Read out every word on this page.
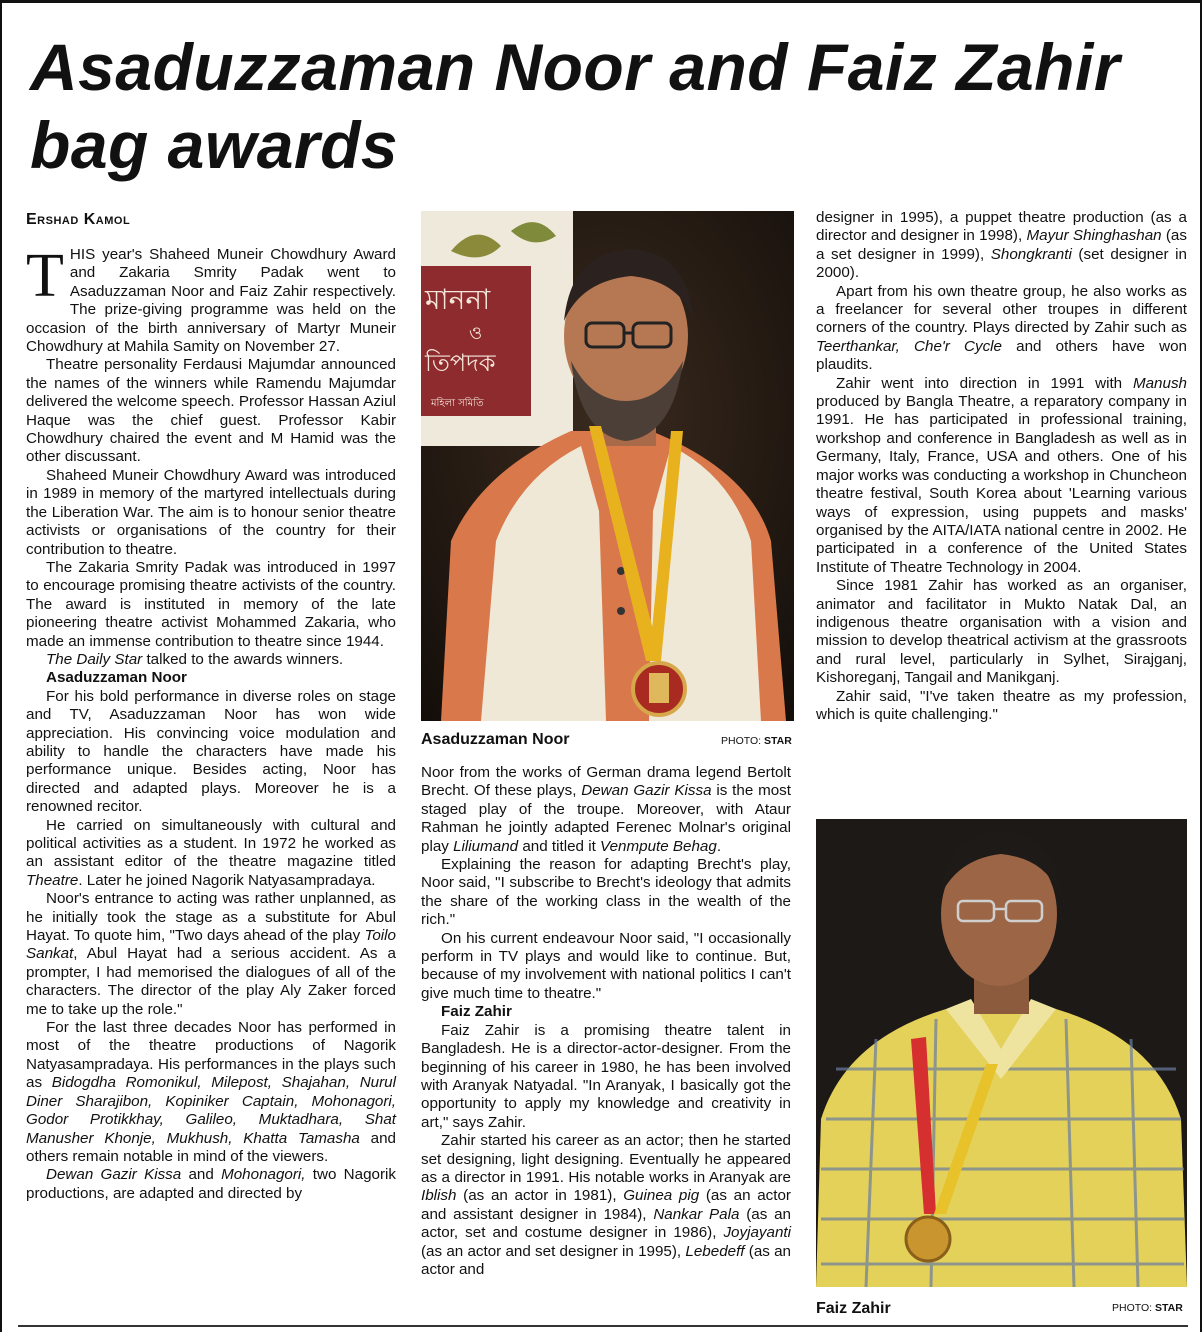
Asaduzzaman Noor and Faiz Zahir bag awards
Ershad Kamol

THIS year's Shaheed Muneir Chowdhury Award and Zakaria Smrity Padak went to Asaduzzaman Noor and Faiz Zahir respectively. The prize-giving programme was held on the occasion of the birth anniversary of Martyr Muneir Chowdhury at Mahila Samity on November 27.

Theatre personality Ferdausi Majumdar announced the names of the winners while Ramendu Majumdar delivered the welcome speech. Professor Hassan Aziul Haque was the chief guest. Professor Kabir Chowdhury chaired the event and M Hamid was the other discussant.

Shaheed Muneir Chowdhury Award was introduced in 1989 in memory of the martyred intellectuals during the Liberation War. The aim is to honour senior theatre activists or organisations of the country for their contribution to theatre.

The Zakaria Smrity Padak was introduced in 1997 to encourage promising theatre activists of the country. The award is instituted in memory of the late pioneering theatre activist Mohammed Zakaria, who made an immense contribution to theatre since 1944.

The Daily Star talked to the awards winners.

Asaduzzaman Noor

For his bold performance in diverse roles on stage and TV, Asaduzzaman Noor has won wide appreciation. His convincing voice modulation and ability to handle the characters have made his performance unique. Besides acting, Noor has directed and adapted plays. Moreover he is a renowned recitor.

He carried on simultaneously with cultural and political activities as a student. In 1972 he worked as an assistant editor of the theatre magazine titled Theatre. Later he joined Nagorik Natyasampradaya.

Noor's entrance to acting was rather unplanned, as he initially took the stage as a substitute for Abul Hayat. To quote him, "Two days ahead of the play Toilo Sankat, Abul Hayat had a serious accident. As a prompter, I had memorised the dialogues of all of the characters. The director of the play Aly Zaker forced me to take up the role."

For the last three decades Noor has performed in most of the theatre productions of Nagorik Natyasampradaya. His performances in the plays such as Bidogdha Romonikul, Milepost, Shajahan, Nurul Diner Sharajibon, Kopiniker Captain, Mohonagori, Godor Protikkhay, Galileo, Muktadhara, Shat Manusher Khonje, Mukhush, Khatta Tamasha and others remain notable in mind of the viewers.

Dewan Gazir Kissa and Mohonagori, two Nagorik productions, are adapted and directed by

মাননা
ও
তিপদক
মহিলা সমিতি
Asaduzzaman Noor	PHOTO: STAR

Noor from the works of German drama legend Bertolt Brecht. Of these plays, Dewan Gazir Kissa is the most staged play of the troupe. Moreover, with Ataur Rahman he jointly adapted Ferenec Molnar's original play Liliumand and titled it Venmpute Behag.

Explaining the reason for adapting Brecht's play, Noor said, "I subscribe to Brecht's ideology that admits the share of the working class in the wealth of the rich."

On his current endeavour Noor said, "I occasionally perform in TV plays and would like to continue. But, because of my involvement with national politics I can't give much time to theatre."

Faiz Zahir

Faiz Zahir is a promising theatre talent in Bangladesh. He is a director-actor-designer. From the beginning of his career in 1980, he has been involved with Aranyak Natyadal. "In Aranyak, I basically got the opportunity to apply my knowledge and creativity in art," says Zahir.

Zahir started his career as an actor; then he started set designing, light designing. Eventually he appeared as a director in 1991. His notable works in Aranyak are Iblish (as an actor in 1981), Guinea pig (as an actor and assistant designer in 1984), Nankar Pala (as an actor, set and costume designer in 1986), Joyjayanti (as an actor and set designer in 1995), Lebedeff (as an actor and

designer in 1995), a puppet theatre production (as a director and designer in 1998), Mayur Shinghashan (as a set designer in 1999), Shongkranti (set designer in 2000).

Apart from his own theatre group, he also works as a freelancer for several other troupes in different corners of the country. Plays directed by Zahir such as Teerthankar, Che'r Cycle and others have won plaudits.

Zahir went into direction in 1991 with Manush produced by Bangla Theatre, a reparatory company in 1991. He has participated in professional training, workshop and conference in Bangladesh as well as in Germany, Italy, France, USA and others. One of his major works was conducting a workshop in Chuncheon theatre festival, South Korea about 'Learning various ways of expression, using puppets and masks' organised by the AITA/IATA national centre in 2002. He participated in a conference of the United States Institute of Theatre Technology in 2004.

Since 1981 Zahir has worked as an organiser, animator and facilitator in Mukto Natak Dal, an indigenous theatre organisation with a vision and mission to develop theatrical activism at the grassroots and rural level, particularly in Sylhet, Sirajganj, Kishoreganj, Tangail and Manikganj.

Zahir said, "I've taken theatre as my profession, which is quite challenging."

Faiz Zahir	PHOTO: STAR
